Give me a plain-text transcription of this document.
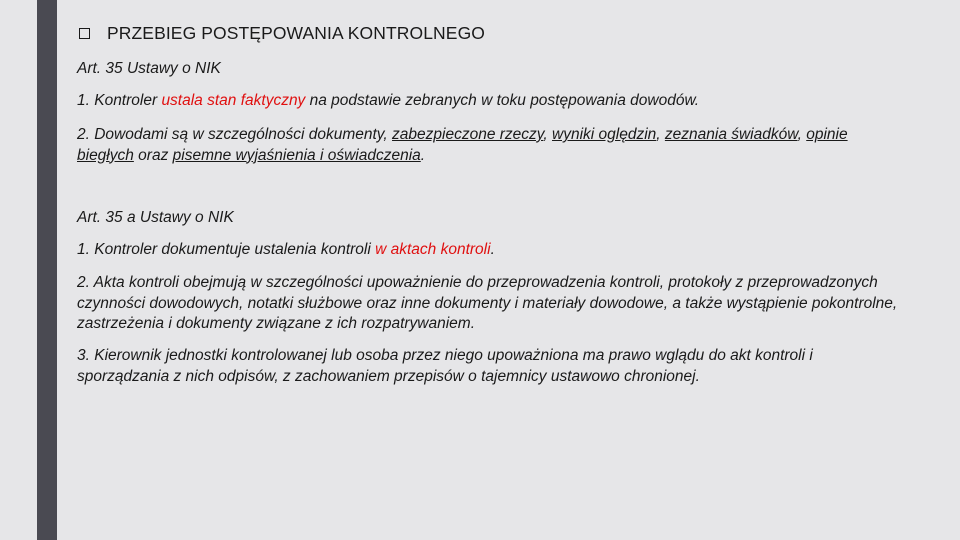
PRZEBIEG POSTĘPOWANIA KONTROLNEGO
Art. 35 Ustawy o NIK
1. Kontroler ustala stan faktyczny na podstawie zebranych w toku postępowania dowodów.
2. Dowodami są w szczególności dokumenty, zabezpieczone rzeczy, wyniki oględzin, zeznania świadków, opinie biegłych oraz pisemne wyjaśnienia i oświadczenia.
Art. 35 a Ustawy o NIK
1. Kontroler dokumentuje ustalenia kontroli w aktach kontroli.
2. Akta kontroli obejmują w szczególności upoważnienie do przeprowadzenia kontroli, protokoły z przeprowadzonych czynności dowodowych, notatki służbowe oraz inne dokumenty i materiały dowodowe, a także wystąpienie pokontrolne, zastrzeżenia i dokumenty związane z ich rozpatrywaniem.
3. Kierownik jednostki kontrolowanej lub osoba przez niego upoważniona ma prawo wglądu do akt kontroli i sporządzania z nich odpisów, z zachowaniem przepisów o tajemnicy ustawowo chronionej.
